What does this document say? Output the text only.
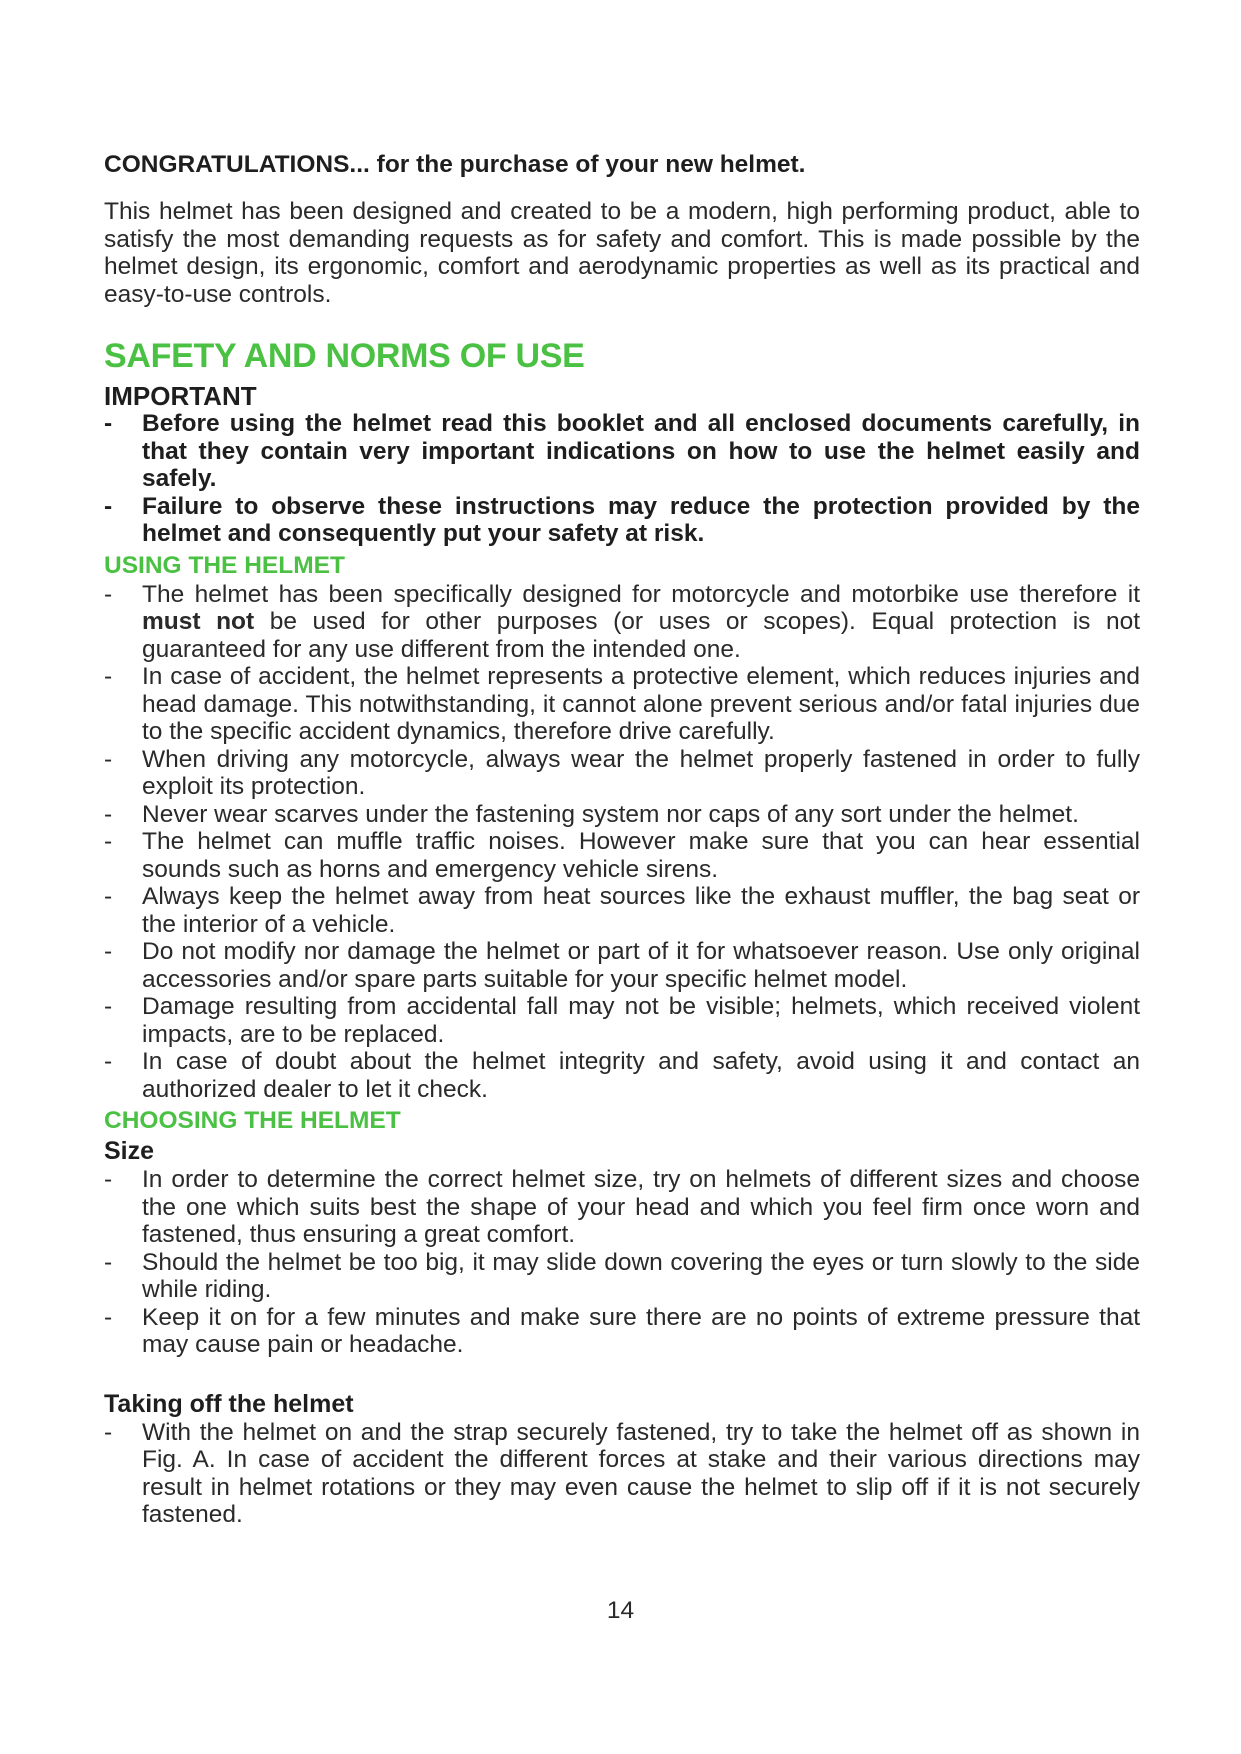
CONGRATULATIONS... for the purchase of your new helmet.

This helmet has been designed and created to be a modern, high performing product, able to satisfy the most demanding requests as for safety and comfort. This is made possible by the helmet design, its ergonomic, comfort and aerodynamic properties as well as its practical and easy-to-use controls.

SAFETY AND NORMS OF USE
IMPORTANT
- Before using the helmet read this booklet and all enclosed documents carefully, in that they contain very important indications on how to use the helmet easily and safely.
- Failure to observe these instructions may reduce the protection provided by the helmet and consequently put your safety at risk.
USING THE HELMET
- The helmet has been specifically designed for motorcycle and motorbike use therefore it must not be used for other purposes (or uses or scopes). Equal protection is not guaranteed for any use different from the intended one.
- In case of accident, the helmet represents a protective element, which reduces injuries and head damage. This notwithstanding, it cannot alone prevent serious and/or fatal injuries due to the specific accident dynamics, therefore drive carefully.
- When driving any motorcycle, always wear the helmet properly fastened in order to fully exploit its protection.
- Never wear scarves under the fastening system nor caps of any sort under the helmet.
- The helmet can muffle traffic noises. However make sure that you can hear essential sounds such as horns and emergency vehicle sirens.
- Always keep the helmet away from heat sources like the exhaust muffler, the bag seat or the interior of a vehicle.
- Do not modify nor damage the helmet or part of it for whatsoever reason. Use only original accessories and/or spare parts suitable for your specific helmet model.
- Damage resulting from accidental fall may not be visible; helmets, which received violent impacts, are to be replaced.
- In case of doubt about the helmet integrity and safety, avoid using it and contact an authorized dealer to let it check.
CHOOSING THE HELMET
Size
- In order to determine the correct helmet size, try on helmets of different sizes and choose the one which suits best the shape of your head and which you feel firm once worn and fastened, thus ensuring a great comfort.
- Should the helmet be too big, it may slide down covering the eyes or turn slowly to the side while riding.
- Keep it on for a few minutes and make sure there are no points of extreme pressure that may cause pain or headache.
Taking off the helmet
- With the helmet on and the strap securely fastened, try to take the helmet off as shown in Fig. A. In case of accident the different forces at stake and their various directions may result in helmet rotations or they may even cause the helmet to slip off if it is not securely fastened.
14
